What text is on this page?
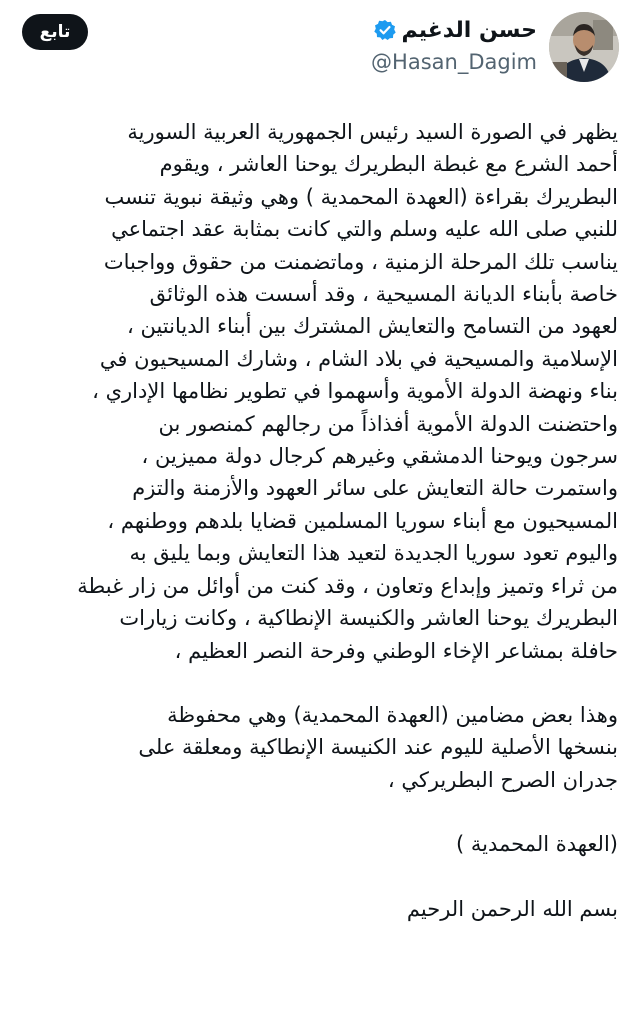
تابع	حسن الدغيم
@Hasan_Dagim

يظهر في الصورة السيد رئيس الجمهورية العربية السورية
أحمد الشرع مع غبطة البطريرك يوحنا العاشر ، ويقوم
البطريرك بقراءة (العهدة المحمدية ) وهي وثيقة نبوية تنسب
للنبي صلى الله عليه وسلم والتي كانت بمثابة عقد اجتماعي
يناسب تلك المرحلة الزمنية ، وماتضمنت من حقوق وواجبات
خاصة بأبناء الديانة المسيحية ، وقد أسست هذه الوثائق
لعهود من التسامح والتعايش المشترك بين أبناء الديانتين ،
الإسلامية والمسيحية في بلاد الشام ، وشارك المسيحيون في
بناء ونهضة الدولة الأموية وأسهموا في تطوير نظامها الإداري ،
واحتضنت الدولة الأموية أفذاذاً من رجالهم كمنصور بن
سرجون ويوحنا الدمشقي وغيرهم كرجال دولة مميزين ،
واستمرت حالة التعايش على سائر العهود والأزمنة والتزم
المسيحيون مع أبناء سوريا المسلمين قضايا بلدهم ووطنهم ،
واليوم تعود سوريا الجديدة لتعيد هذا التعايش وبما يليق به
من ثراء وتميز وإبداع وتعاون ، وقد كنت من أوائل من زار غبطة
البطريرك يوحنا العاشر والكنيسة الإنطاكية ، وكانت زيارات
حافلة بمشاعر الإخاء الوطني وفرحة النصر العظيم ،

وهذا بعض مضامين (العهدة المحمدية) وهي محفوظة
بنسخها الأصلية لليوم عند الكنيسة الإنطاكية ومعلقة على
جدران الصرح البطريركي ،

(العهدة المحمدية )

بسم الله الرحمن الرحيم
